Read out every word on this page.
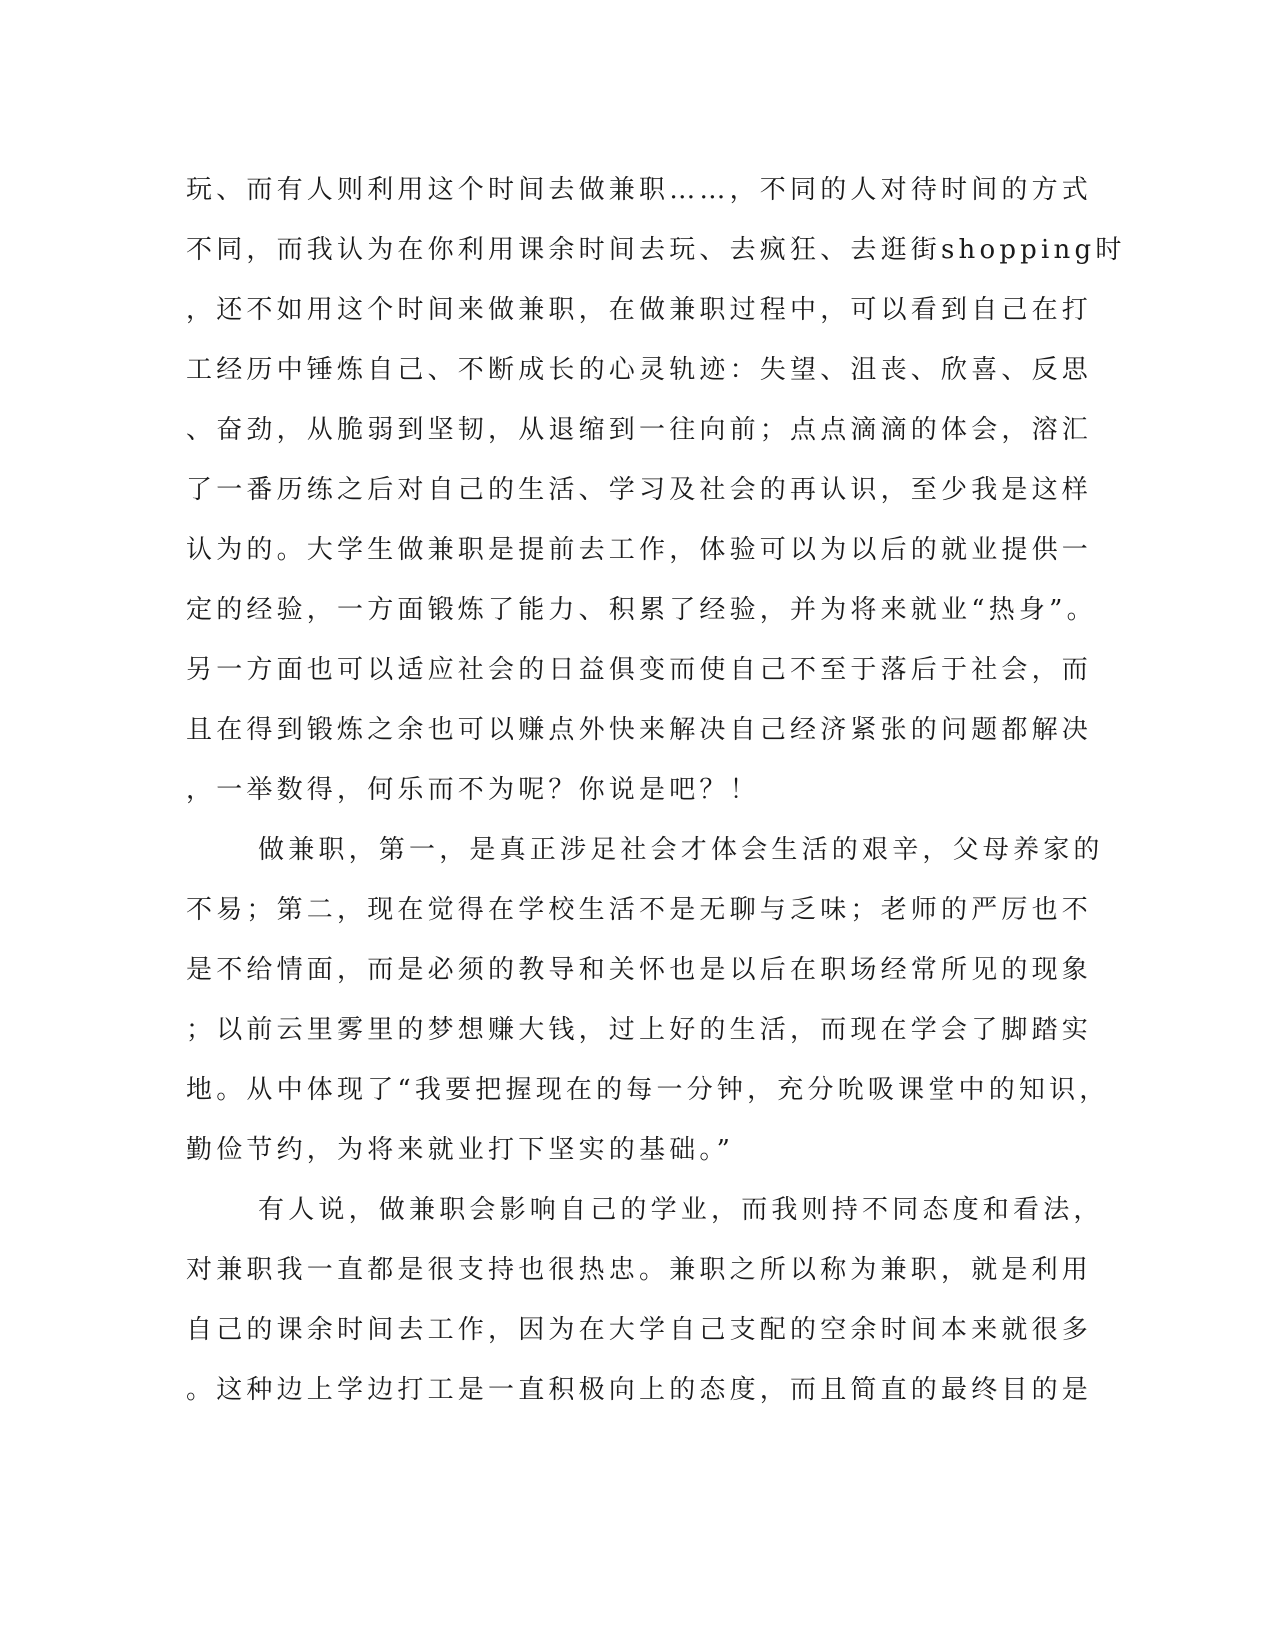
玩、而有人则利用这个时间去做兼职……，不同的人对待时间的方式
不同，而我认为在你利用课余时间去玩、去疯狂、去逛街shopping时
，还不如用这个时间来做兼职，在做兼职过程中，可以看到自己在打
工经历中锤炼自己、不断成长的心灵轨迹：失望、沮丧、欣喜、反思
、奋劲，从脆弱到坚韧，从退缩到一往向前；点点滴滴的体会，溶汇
了一番历练之后对自己的生活、学习及社会的再认识，至少我是这样
认为的。大学生做兼职是提前去工作，体验可以为以后的就业提供一
定的经验，一方面锻炼了能力、积累了经验，并为将来就业“热身”。
另一方面也可以适应社会的日益俱变而使自己不至于落后于社会，而
且在得到锻炼之余也可以赚点外快来解决自己经济紧张的问题都解决
，一举数得，何乐而不为呢？你说是吧？！
做兼职，第一，是真正涉足社会才体会生活的艰辛，父母养家的
不易；第二，现在觉得在学校生活不是无聊与乏味；老师的严厉也不
是不给情面，而是必须的教导和关怀也是以后在职场经常所见的现象
；以前云里雾里的梦想赚大钱，过上好的生活，而现在学会了脚踏实
地。从中体现了“我要把握现在的每一分钟，充分吮吸课堂中的知识，
勤俭节约，为将来就业打下坚实的基础。”
有人说，做兼职会影响自己的学业，而我则持不同态度和看法，
对兼职我一直都是很支持也很热忠。兼职之所以称为兼职，就是利用
自己的课余时间去工作，因为在大学自己支配的空余时间本来就很多
。这种边上学边打工是一直积极向上的态度，而且简直的最终目的是
